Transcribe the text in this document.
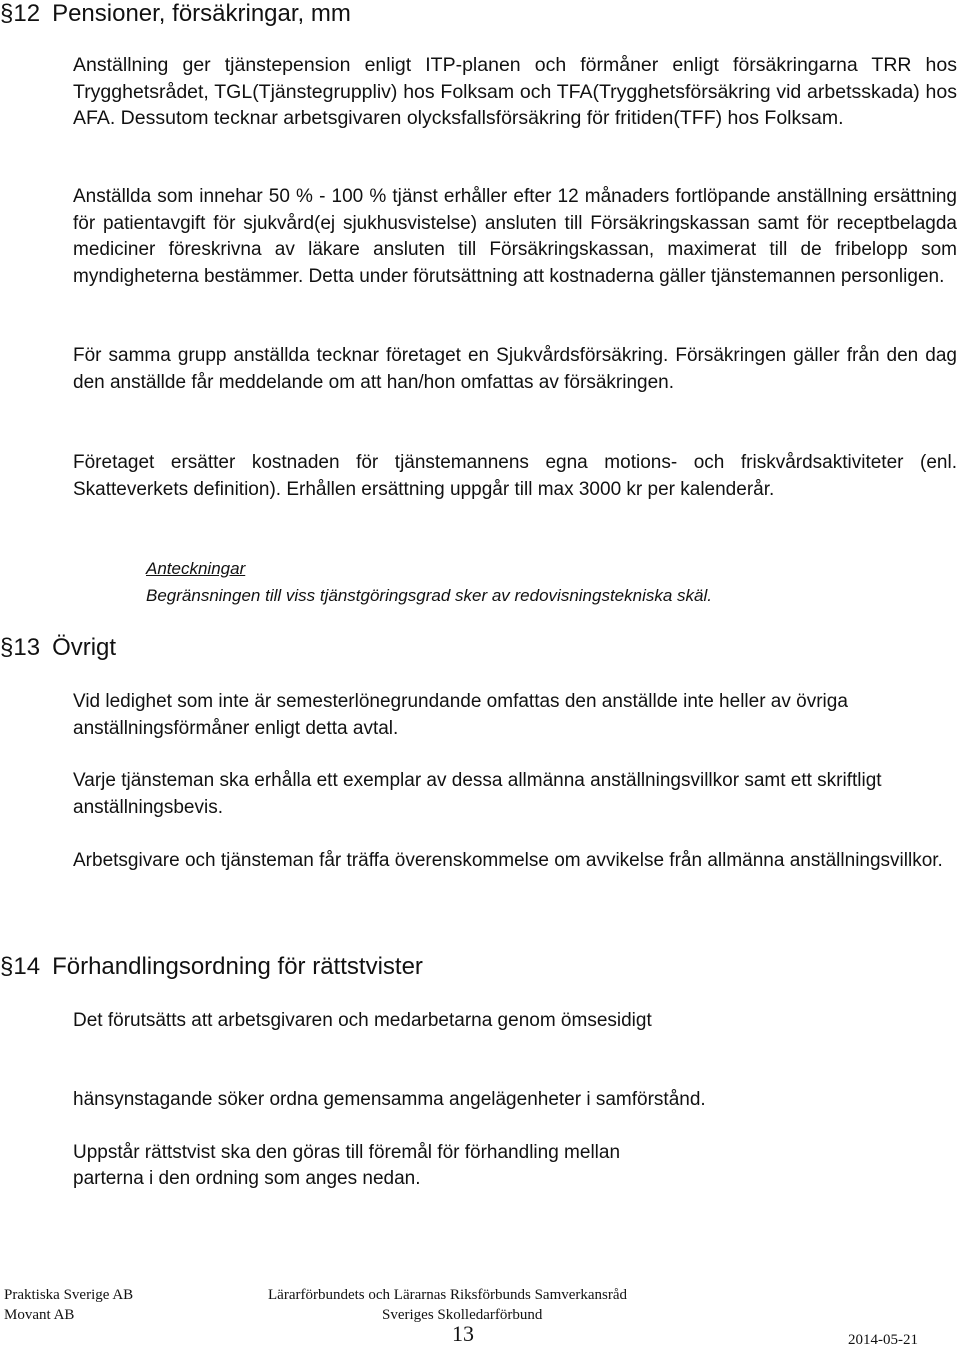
§12 Pensioner, försäkringar, mm

Anställning ger tjänstepension enligt ITP-planen och förmåner enligt försäkringarna TRR hos Trygghetsrådet, TGL(Tjänstegruppliv) hos Folksam och TFA(Trygghetsförsäkring vid arbetsskada) hos AFA. Dessutom tecknar arbetsgivaren olycksfallsförsäkring för fritiden(TFF) hos Folksam.

Anställda som innehar 50 % - 100 % tjänst erhåller efter 12 månaders fortlöpande anställning ersättning för patientavgift för sjukvård(ej sjukhusvistelse) ansluten till Försäkringskassan samt för receptbelagda mediciner föreskrivna av läkare ansluten till Försäkringskassan, maximerat till de fribelopp som myndigheterna bestämmer. Detta under förutsättning att kostnaderna gäller tjänstemannen personligen.

För samma grupp anställda tecknar företaget en Sjukvårdsförsäkring. Försäkringen gäller från den dag den anställde får meddelande om att han/hon omfattas av försäkringen.

Företaget ersätter kostnaden för tjänstemannens egna motions- och friskvårdsaktiviteter (enl. Skatteverkets definition). Erhållen ersättning uppgår till max 3000 kr per kalenderår.

Anteckningar
Begränsningen till viss tjänstgöringsgrad sker av redovisningstekniska skäl.
§13 Övrigt

Vid ledighet som inte är semesterlönegrundande omfattas den anställde inte heller av övriga anställningsförmåner enligt detta avtal.

Varje tjänsteman ska erhålla ett exemplar av dessa allmänna anställningsvillkor samt ett skriftligt anställningsbevis.

Arbetsgivare och tjänsteman får träffa överenskommelse om avvikelse från allmänna anställningsvillkor.

§14 Förhandlingsordning för rättstvister

Det förutsätts att arbetsgivaren och medarbetarna genom ömsesidigt

hänsynstagande söker ordna gemensamma angelägenheter i samförstånd.

Uppstår rättstvist ska den göras till föremål för förhandling mellan

parterna i den ordning som anges nedan.

Praktiska Sverige AB
Movant AB
Lärarförbundets och Lärarnas Riksförbunds Samverkansråd
Sveriges Skolledarförbund
13	2014-05-21
